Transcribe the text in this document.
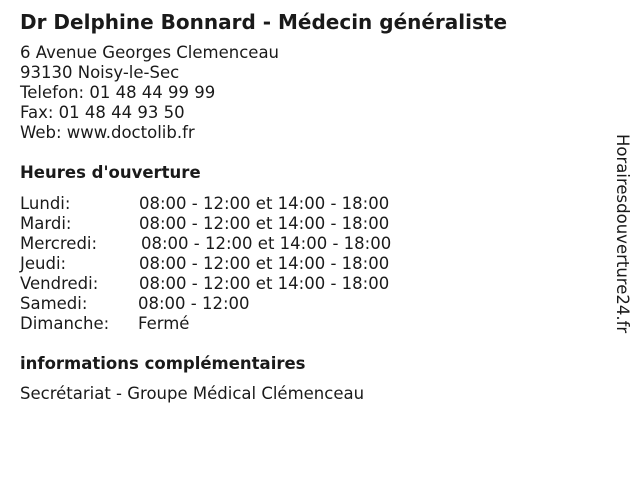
Dr Delphine Bonnard - Médecin généraliste
6 Avenue Georges Clemenceau
93130 Noisy-le-Sec
Telefon: 01 48 44 99 99
Fax: 01 48 44 93 50
Web: www.doctolib.fr
Heures d'ouverture
Lundi:	08:00 - 12:00 et 14:00 - 18:00
Mardi:	08:00 - 12:00 et 14:00 - 18:00
Mercredi:	08:00 - 12:00 et 14:00 - 18:00
Jeudi:	08:00 - 12:00 et 14:00 - 18:00
Vendredi: 08:00 - 12:00 et 14:00 - 18:00
Samedi:	08:00 - 12:00
Dimanche: Fermé
informations complémentaires
Secrétariat - Groupe Médical Clémenceau
Horairesdouverture24.fr
